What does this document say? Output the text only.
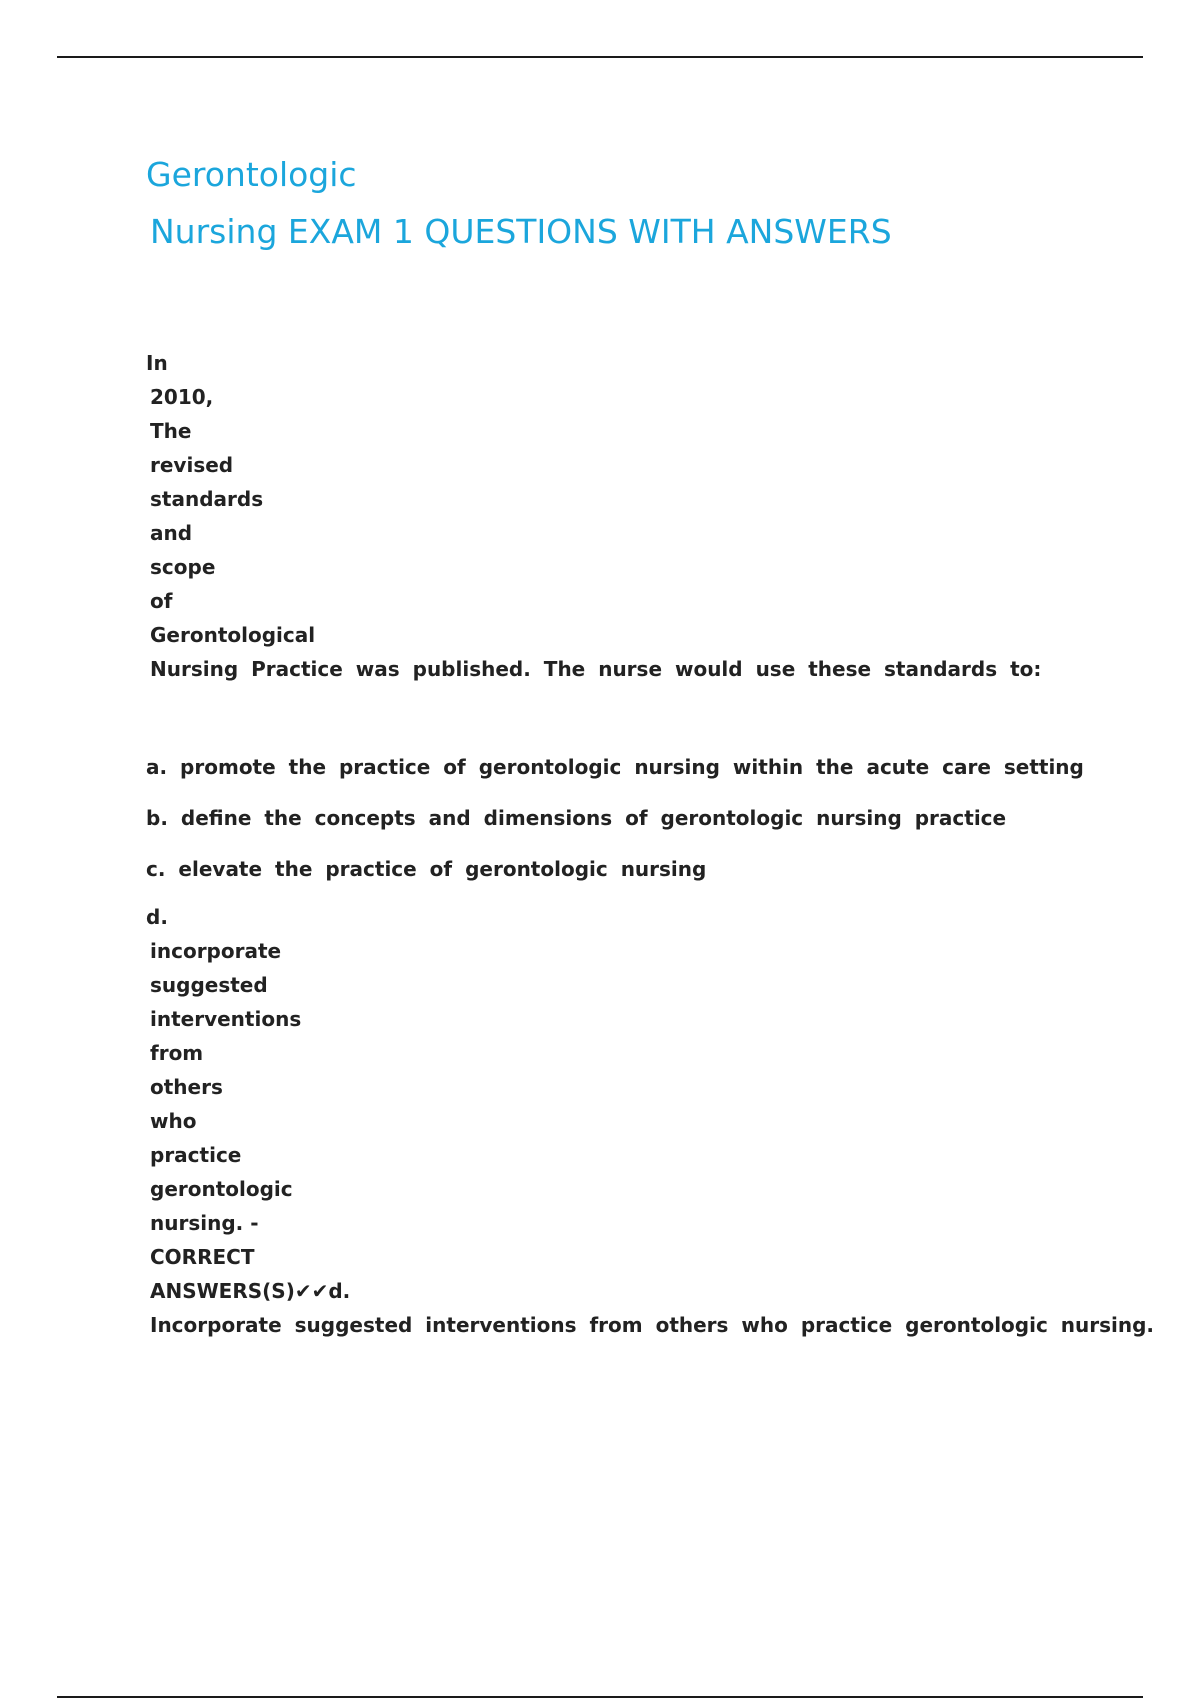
Gerontologic
Nursing EXAM 1 QUESTIONS WITH ANSWERS
In
2010,
The
revised
standards
and
scope
of
Gerontological
Nursing Practice was published. The nurse would use these standards to:
a. promote the practice of gerontologic nursing within the acute care setting
b. define the concepts and dimensions of gerontologic nursing practice
c. elevate the practice of gerontologic nursing
d.
incorporate
suggested
interventions
from
others
who
practice
gerontologic
nursing. -
CORRECT
ANSWERS(S)✔✔d.
Incorporate suggested interventions from others who practice gerontologic nursing.
